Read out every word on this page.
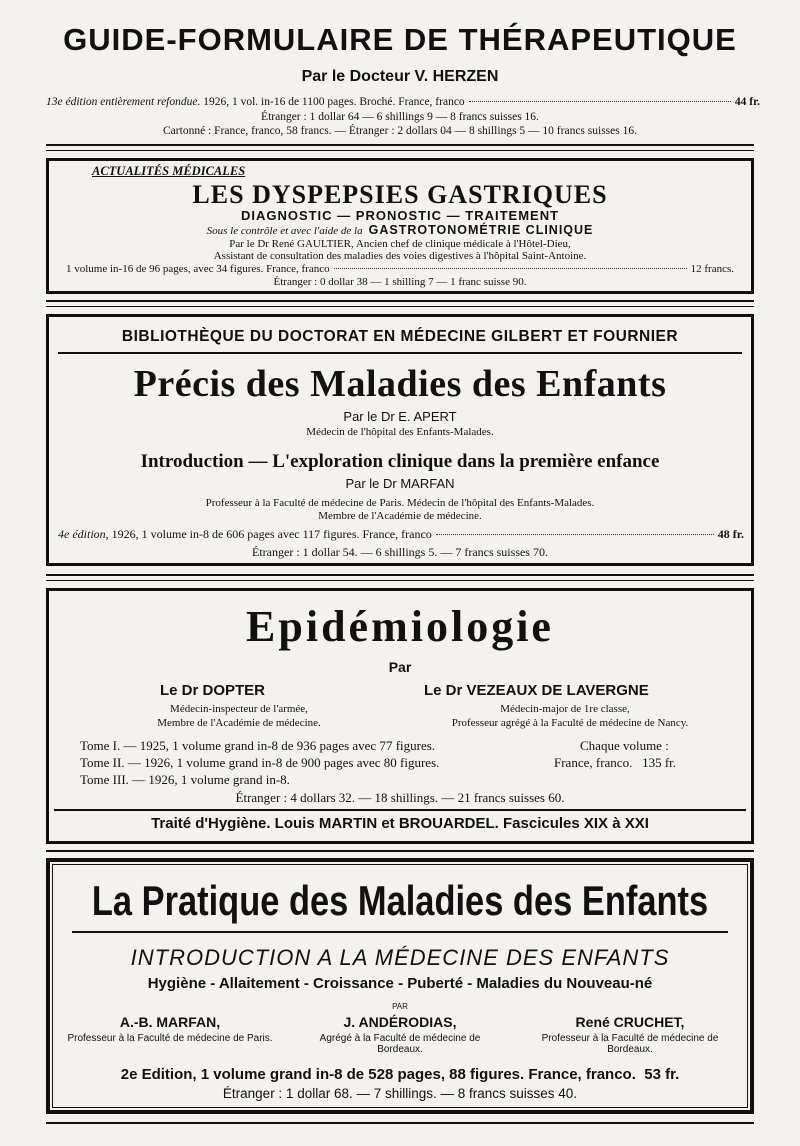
GUIDE-FORMULAIRE DE THÉRAPEUTIQUE
Par le Docteur V. HERZEN
13e édition entièrement refondue.
1926, 1 vol. in-16 de 1100 pages. Broché. France, franco	44 fr.
Étranger : 1 dollar 64 — 6 shillings 9 — 8 francs suisses 16.
Cartonné : France, franco, 58 francs. — Étranger : 2 dollars 04 — 8 shillings 5 — 10 francs suisses 16.
ACTUALITÉS MÉDICALES
LES DYSPEPSIES GASTRIQUES
DIAGNOSTIC — PRONOSTIC — TRAITEMENT
Sous le contrôle et avec l'aide de la GASTROTONOMÉTRIE CLINIQUE
Par le Dr René GAULTIER, Ancien chef de clinique médicale à l'Hôtel-Dieu,
Assistant de consultation des maladies des voies digestives à l'hôpital Saint-Antoine.
1 volume in-16 de 96 pages, avec 34 figures. France, franco	12 francs.
Étranger : 0 dollar 38 — 1 shilling 7 — 1 franc suisse 90.
BIBLIOTHÈQUE DU DOCTORAT EN MÉDECINE GILBERT ET FOURNIER
Précis des Maladies des Enfants
Par le Dr E. APERT
Médecin de l'hôpital des Enfants-Malades.
Introduction — L'exploration clinique dans la première enfance
Par le Dr MARFAN
Professeur à la Faculté de médecine de Paris. Médecin de l'hôpital des Enfants-Malades.
Membre de l'Académie de médecine.
4e édition,
1926, 1 volume in-8 de 606 pages avec 117 figures. France, franco	48 fr.
Étranger : 1 dollar 54. — 6 shillings 5. — 7 francs suisses 70.
Epidémiologie
Par
Le Dr DOPTER
Médecin-inspecteur de l'armée,
Membre de l'Académie de médecine.
Le Dr VEZEAUX DE LAVERGNE
Médecin-major de 1re classe,
Professeur agrégé à la Faculté de médecine de Nancy.
Tome I. — 1925, 1 volume grand in-8 de 936 pages avec 77 figures.
Tome II. — 1926, 1 volume grand in-8 de 900 pages avec 80 figures.
Tome III. — 1926, 1 volume grand in-8.
Chaque volume :
France, franco. 135 fr.
Étranger : 4 dollars 32. — 18 shillings. — 21 francs suisses 60.
Traité d'Hygiène. Louis MARTIN et BROUARDEL. Fascicules XIX à XXI
La Pratique des Maladies des Enfants
INTRODUCTION A LA MÉDECINE DES ENFANTS
Hygiène - Allaitement - Croissance - Puberté - Maladies du Nouveau-né
PAR
A.-B. MARFAN,
Professeur à la Faculté de médecine de Paris.
J. ANDÉRODIAS,
Agrégé à la Faculté de médecine de Bordeaux.
René CRUCHET,
Professeur à la Faculté de médecine de Bordeaux.
2e Edition, 1 volume grand in-8 de 528 pages, 88 figures. France, franco. 53 fr.
Étranger : 1 dollar 68. — 7 shillings. — 8 francs suisses 40.
